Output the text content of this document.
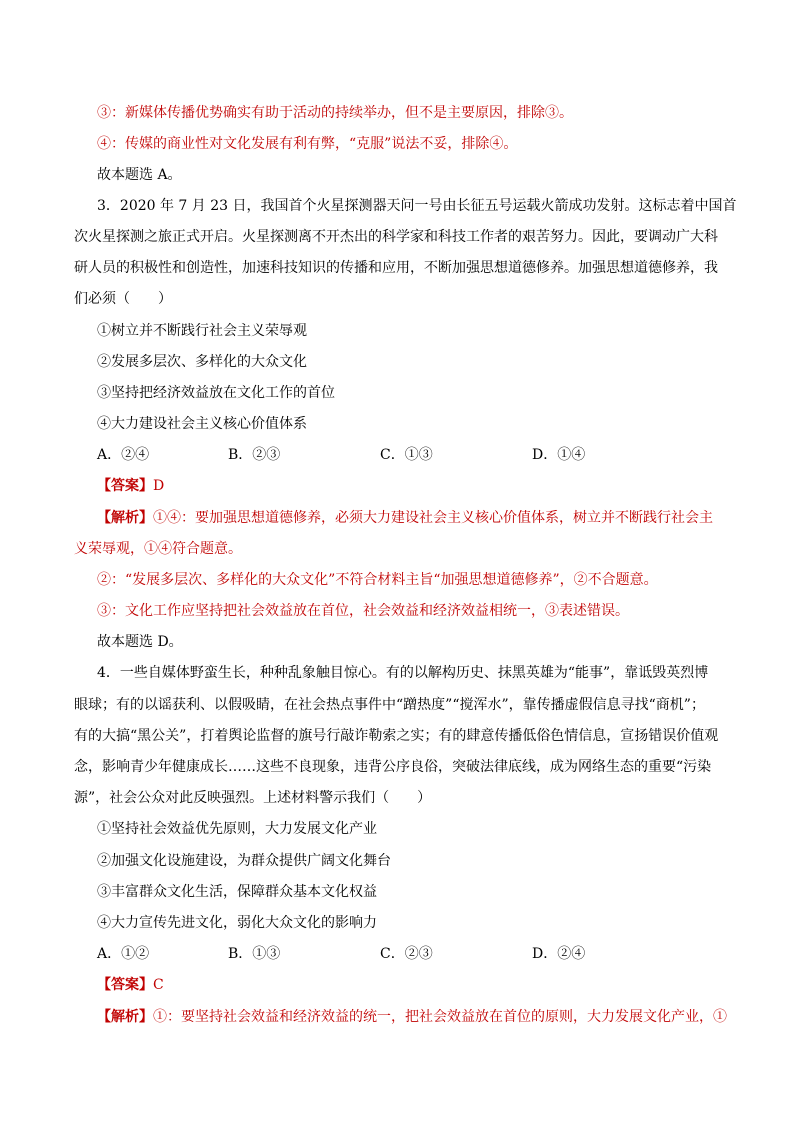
③：新媒体传播优势确实有助于活动的持续举办，但不是主要原因，排除③。
④：传媒的商业性对文化发展有利有弊，“克服”说法不妥，排除④。
故本题选 A。
3．2020 年 7 月 23 日，我国首个火星探测器天问一号由长征五号运载火箭成功发射。这标志着中国首
次火星探测之旅正式开启。火星探测离不开杰出的科学家和科技工作者的艰苦努力。因此，要调动广大科
研人员的积极性和创造性，加速科技知识的传播和应用，不断加强思想道德修养。加强思想道德修养，我
们必须（　　）
①树立并不断践行社会主义荣辱观
②发展多层次、多样化的大众文化
③坚持把经济效益放在文化工作的首位
④大力建设社会主义核心价值体系
A．②④	B．②③	C．①③	D．①④
【答案】D
【解析】①④：要加强思想道德修养，必须大力建设社会主义核心价值体系，树立并不断践行社会主
义荣辱观，①④符合题意。
②：“发展多层次、多样化的大众文化”不符合材料主旨“加强思想道德修养”，②不合题意。
③：文化工作应坚持把社会效益放在首位，社会效益和经济效益相统一，③表述错误。
故本题选 D。
4．一些自媒体野蛮生长，种种乱象触目惊心。有的以解构历史、抹黑英雄为“能事”，靠诋毁英烈博
眼球；有的以谣获利、以假吸睛，在社会热点事件中“蹭热度”“搅浑水”，靠传播虚假信息寻找“商机”；
有的大搞“黑公关”，打着舆论监督的旗号行敲诈勒索之实；有的肆意传播低俗色情信息，宣扬错误价值观
念，影响青少年健康成长……这些不良现象，违背公序良俗，突破法律底线，成为网络生态的重要“污染
源”，社会公众对此反映强烈。上述材料警示我们（　　）
①坚持社会效益优先原则，大力发展文化产业
②加强文化设施建设，为群众提供广阔文化舞台
③丰富群众文化生活，保障群众基本文化权益
④大力宣传先进文化，弱化大众文化的影响力
A．①②	B．①③	C．②③	D．②④
【答案】C
【解析】①：要坚持社会效益和经济效益的统一，把社会效益放在首位的原则，大力发展文化产业，①
